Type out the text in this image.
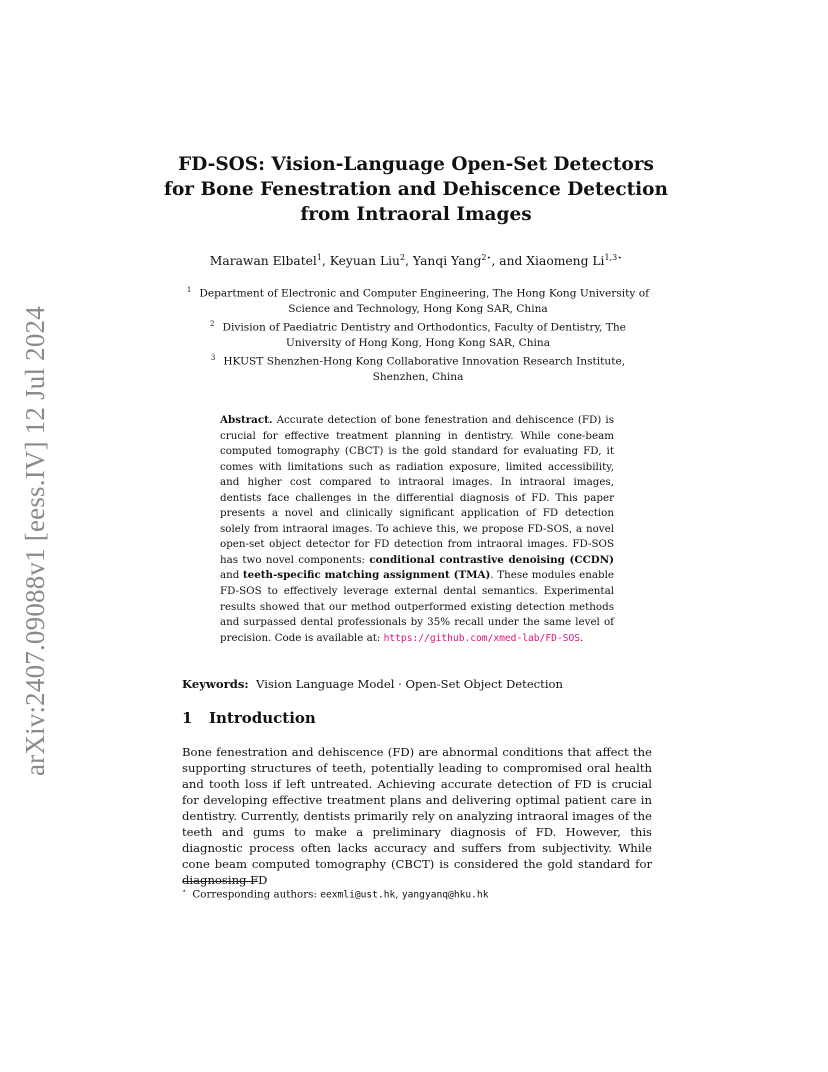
arXiv:2407.09088v1 [eess.IV] 12 Jul 2024
FD-SOS: Vision-Language Open-Set Detectors
for Bone Fenestration and Dehiscence Detection
from Intraoral Images
Marawan Elbatel$^1$, Keyuan Liu$^2$, Yanqi Yang$^{2⋆}$, and Xiaomeng $Li^{1,3⋆}$

$^1$ Department of Electronic and Computer Engineering, The Hong Kong University of Science and Technology, Hong Kong SAR, China

$^2$ Division of Paediatric Dentistry and Orthodontics, Faculty of Dentistry, The University of Hong Kong, Hong Kong SAR, China

$^3$ HKUST Shenzhen-Hong Kong Collaborative Innovation Research Institute, Shenzhen, China

Abstract. Accurate detection of bone fenestration and dehiscence (FD) is crucial for effective treatment planning in dentistry. While cone-beam computed tomography (CBCT) is the gold standard for evaluating FD, it comes with limitations such as radiation exposure, limited accessibility, and higher cost compared to intraoral images. In intraoral images, dentists face challenges in the differential diagnosis of FD. This paper presents a novel and clinically significant application of FD detection solely from intraoral images. To achieve this, we propose FD-SOS, a novel open-set object detector for FD detection from intraoral images. FD-SOS has two novel components: conditional contrastive denoising (CCDN) and teeth-specific matching assignment (TMA). These modules enable FD-SOS to effectively leverage external dental semantics. Experimental results showed that our method outperformed existing detection methods and surpassed dental professionals by 35% recall under the same level of precision. Code is available at: https://github.com/xmed-lab/FD-SOS.
Keywords: Vision Language Model · Open-Set Object Detection
1 Introduction
Bone fenestration and dehiscence (FD) are abnormal conditions that affect the supporting structures of teeth, potentially leading to compromised oral health and tooth loss if left untreated. Achieving accurate detection of FD is crucial for developing effective treatment plans and delivering optimal patient care in dentistry. Currently, dentists primarily rely on analyzing intraoral images of the teeth and gums to make a preliminary diagnosis of FD. However, this diagnostic process often lacks accuracy and suffers from subjectivity. While cone beam computed tomography (CBCT) is considered the gold standard for diagnosing FD
⋆ Corresponding authors: eexmli@ust.hk, yangyanq@hku.hk
